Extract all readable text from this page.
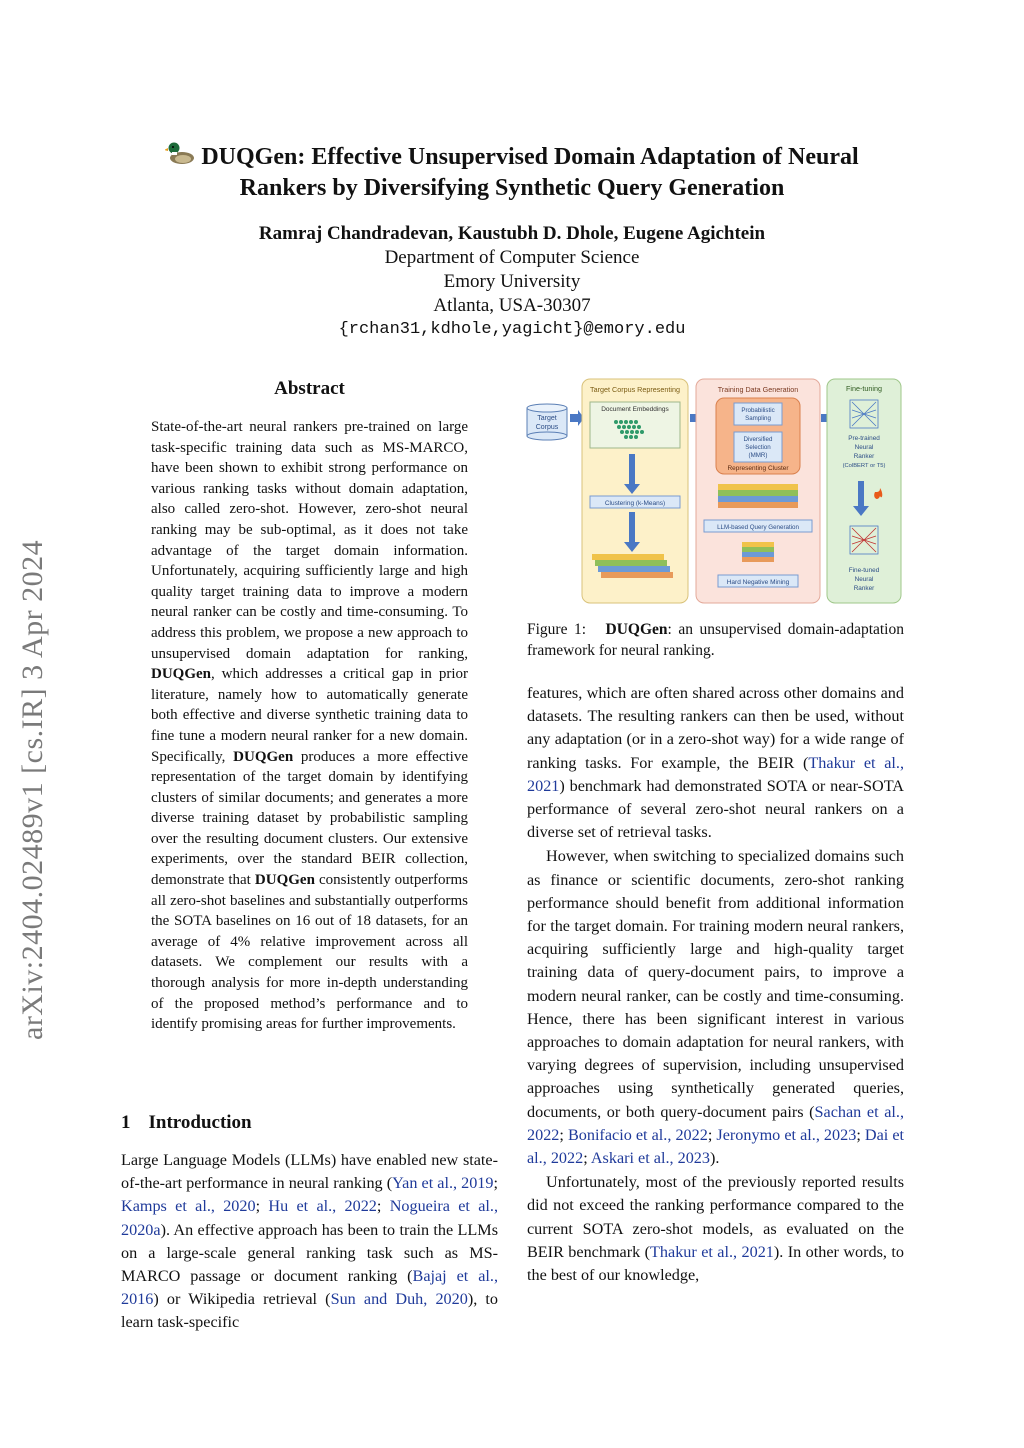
arXiv:2404.02489v1 [cs.IR] 3 Apr 2024
DUQGen: Effective Unsupervised Domain Adaptation of Neural
Rankers by Diversifying Synthetic Query Generation
Ramraj Chandradevan, Kaustubh D. Dhole, Eugene Agichtein
Department of Computer Science
Emory University
Atlanta, USA-30307
{rchan31,kdhole,yagicht}@emory.edu
Abstract
State-of-the-art neural rankers pre-trained on large task-specific training data such as MS-MARCO, have been shown to exhibit strong performance on various ranking tasks without domain adaptation, also called zero-shot. However, zero-shot neural ranking may be sub-optimal, as it does not take advantage of the target domain information. Unfortunately, acquiring sufficiently large and high quality target training data to improve a modern neural ranker can be costly and time-consuming. To address this problem, we propose a new approach to unsupervised domain adaptation for ranking, DUQGen, which addresses a critical gap in prior literature, namely how to automatically generate both effective and diverse synthetic training data to fine tune a modern neural ranker for a new domain. Specifically, DUQGen produces a more effective representation of the target domain by identifying clusters of similar documents; and generates a more diverse training dataset by probabilistic sampling over the resulting document clusters. Our extensive experiments, over the standard BEIR collection, demonstrate that DUQGen consistently outperforms all zero-shot baselines and substantially outperforms the SOTA baselines on 16 out of 18 datasets, for an average of 4% relative improvement across all datasets. We complement our results with a thorough analysis for more in-depth understanding of the proposed method’s performance and to identify promising areas for further improvements.
1 Introduction
Large Language Models (LLMs) have enabled new state-of-the-art performance in neural ranking (Yan et al., 2019; Kamps et al., 2020; Hu et al., 2022; Nogueira et al., 2020a). An effective approach has been to train the LLMs on a large-scale general ranking task such as MS-MARCO passage or document ranking (Bajaj et al., 2016) or Wikipedia retrieval (Sun and Duh, 2020), to learn task-specific
Target
Corpus
Target Corpus Representing
Document Embeddings
Clustering (k-Means)
Training Data Generation
Probabilistic
Sampling
Diversified
Selection
(MMR)
Representing Cluster
LLM-based Query Generation
Hard Negative Mining
Fine-tuning
Pre-trained
Neural
Ranker
(ColBERT or T5)
Fine-tuned
Neural
Ranker
Figure 1: DUQGen: an unsupervised domain-adaptation framework for neural ranking.

features, which are often shared across other domains and datasets. The resulting rankers can then be used, without any adaptation (or in a zero-shot way) for a wide range of ranking tasks. For example, the BEIR (Thakur et al., 2021) benchmark had demonstrated SOTA or near-SOTA performance of several zero-shot neural rankers on a diverse set of retrieval tasks.

However, when switching to specialized domains such as finance or scientific documents, zero-shot ranking performance should benefit from additional information for the target domain. For training modern neural rankers, acquiring sufficiently large and high-quality target training data of query-document pairs, to improve a modern neural ranker, can be costly and time-consuming. Hence, there has been significant interest in various approaches to domain adaptation for neural rankers, with varying degrees of supervision, including unsupervised approaches using synthetically generated queries, documents, or both query-document pairs (Sachan et al., 2022; Bonifacio et al., 2022; Jeronymo et al., 2023; Dai et al., 2022; Askari et al., 2023).

Unfortunately, most of the previously reported results did not exceed the ranking performance compared to the current SOTA zero-shot models, as evaluated on the BEIR benchmark (Thakur et al., 2021). In other words, to the best of our knowledge,
